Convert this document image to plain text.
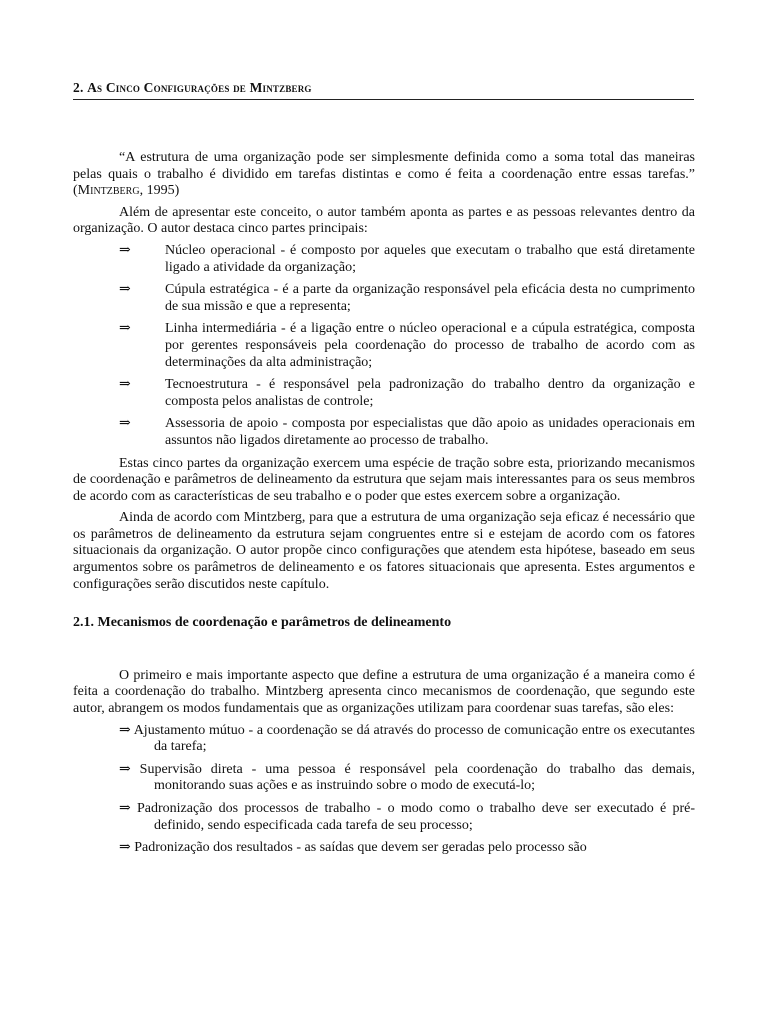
2. As Cinco Configurações de Mintzberg

“A estrutura de uma organização pode ser simplesmente definida como a soma total das maneiras pelas quais o trabalho é dividido em tarefas distintas e como é feita a coordenação entre essas tarefas.” (Mintzberg, 1995)

Além de apresentar este conceito, o autor também aponta as partes e as pessoas relevantes dentro da organização. O autor destaca cinco partes principais:

⇒ Núcleo operacional - é composto por aqueles que executam o trabalho que está diretamente ligado a atividade da organização;

⇒ Cúpula estratégica - é a parte da organização responsável pela eficácia desta no cumprimento de sua missão e que a representa;

⇒ Linha intermediária - é a ligação entre o núcleo operacional e a cúpula estratégica, composta por gerentes responsáveis pela coordenação do processo de trabalho de acordo com as determinações da alta administração;

⇒ Tecnoestrutura - é responsável pela padronização do trabalho dentro da organização e composta pelos analistas de controle;

⇒ Assessoria de apoio - composta por especialistas que dão apoio as unidades operacionais em assuntos não ligados diretamente ao processo de trabalho.

Estas cinco partes da organização exercem uma espécie de tração sobre esta, priorizando mecanismos de coordenação e parâmetros de delineamento da estrutura que sejam mais interessantes para os seus membros de acordo com as características de seu trabalho e o poder que estes exercem sobre a organização.

Ainda de acordo com Mintzberg, para que a estrutura de uma organização seja eficaz é necessário que os parâmetros de delineamento da estrutura sejam congruentes entre si e estejam de acordo com os fatores situacionais da organização. O autor propõe cinco configurações que atendem esta hipótese, baseado em seus argumentos sobre os parâmetros de delineamento e os fatores situacionais que apresenta. Estes argumentos e configurações serão discutidos neste capítulo.

2.1. Mecanismos de coordenação e parâmetros de delineamento

O primeiro e mais importante aspecto que define a estrutura de uma organização é a maneira como é feita a coordenação do trabalho. Mintzberg apresenta cinco mecanismos de coordenação, que segundo este autor, abrangem os modos fundamentais que as organizações utilizam para coordenar suas tarefas, são eles:

⇒ Ajustamento mútuo - a coordenação se dá através do processo de comunicação entre os executantes da tarefa;

⇒ Supervisão direta - uma pessoa é responsável pela coordenação do trabalho das demais, monitorando suas ações e as instruindo sobre o modo de executá-lo;

⇒ Padronização dos processos de trabalho - o modo como o trabalho deve ser executado é pré-definido, sendo especificada cada tarefa de seu processo;

⇒ Padronização dos resultados - as saídas que devem ser geradas pelo processo são
